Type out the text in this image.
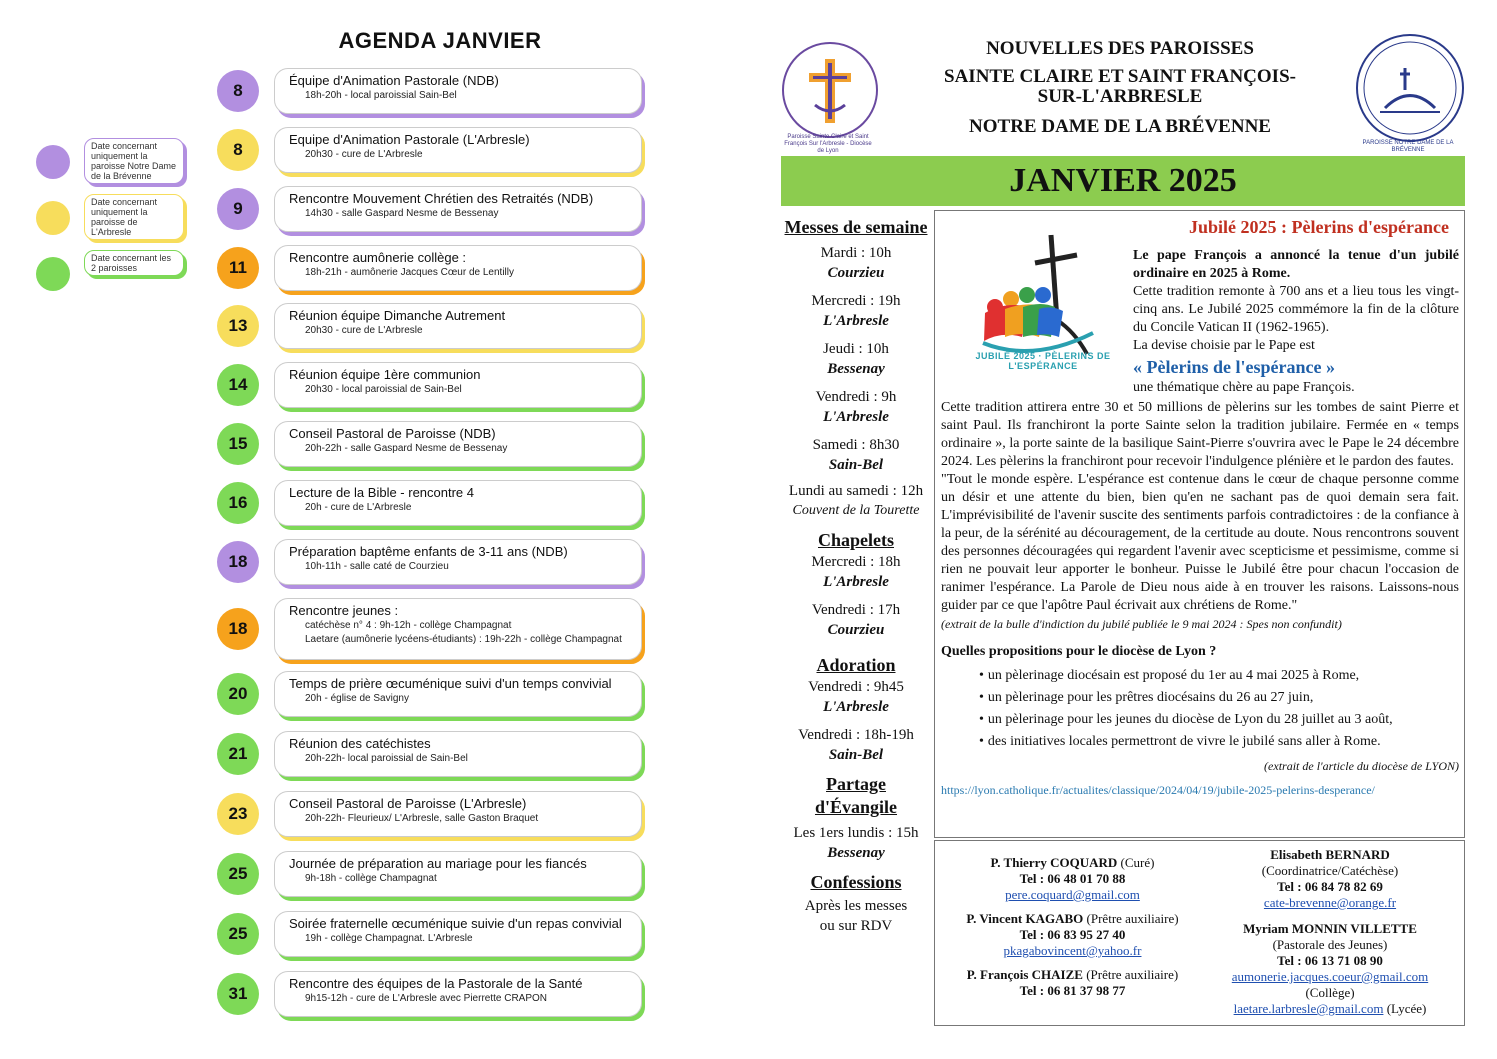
AGENDA JANVIER
Date concernant uniquement la paroisse Notre Dame de la Brévenne
Date concernant uniquement la paroisse de L'Arbresle
Date concernant les 2 paroisses
8
Équipe d'Animation Pastorale (NDB)
18h-20h - local paroissial Sain-Bel
8
Equipe d'Animation Pastorale (L'Arbresle)
20h30 - cure de L'Arbresle
9
Rencontre Mouvement Chrétien des Retraités (NDB)
14h30 - salle Gaspard Nesme de Bessenay
11
Rencontre aumônerie collège :
18h-21h - aumônerie Jacques Cœur de Lentilly
13
Réunion équipe Dimanche Autrement
20h30 - cure de L'Arbresle
14
Réunion équipe 1ère communion
20h30 - local paroissial de Sain-Bel
15
Conseil Pastoral de Paroisse (NDB)
20h-22h - salle Gaspard Nesme de Bessenay
16
Lecture de la Bible - rencontre 4
20h - cure de L'Arbresle
18
Préparation baptême enfants de 3-11 ans (NDB)
10h-11h - salle caté de Courzieu
18
Rencontre jeunes :
catéchèse n° 4 : 9h-12h - collège Champagnat
Laetare (aumônerie lycéens-étudiants) : 19h-22h - collège Champagnat
20
Temps de prière œcuménique suivi d'un temps convivial
20h - église de Savigny
21
Réunion des catéchistes
20h-22h- local paroissial de Sain-Bel
23
Conseil Pastoral de Paroisse (L'Arbresle)
20h-22h- Fleurieux/ L'Arbresle, salle Gaston Braquet
25
Journée de préparation au mariage pour les fiancés
9h-18h - collège Champagnat
25
Soirée fraternelle œcuménique suivie d'un repas convivial
19h - collège Champagnat. L'Arbresle
31
Rencontre des équipes de la Pastorale de la Santé
9h15-12h - cure de L'Arbresle avec Pierrette CRAPON
Paroisse Sainte Claire et Saint François Sur l'Arbresle - Diocèse de Lyon
NOUVELLES DES PAROISSES
SAINTE CLAIRE ET SAINT FRANÇOIS-
SUR-L'ARBRESLE
NOTRE DAME DE LA BRÉVENNE
PAROISSE NOTRE DAME DE LA BRÉVENNE
JANVIER 2025
Messes de semaine
Mardi : 10h
Courzieu
Mercredi : 19h
L'Arbresle
Jeudi : 10h
Bessenay
Vendredi : 9h
L'Arbresle
Samedi : 8h30
Sain-Bel
Lundi au samedi : 12h
Couvent de la Tourette
Chapelets
Mercredi : 18h
L'Arbresle
Vendredi : 17h
Courzieu
Adoration
Vendredi : 9h45
L'Arbresle
Vendredi : 18h-19h
Sain-Bel
Partage d'Évangile
Les 1ers lundis : 15h
Bessenay
Confessions
Après les messes ou sur RDV
JUBILÉ 2025 · PÈLERINS DE L'ESPÉRANCE
Jubilé 2025 : Pèlerins d'espérance
Le pape François a annoncé la tenue d'un jubilé ordinaire en 2025 à Rome.
Cette tradition remonte à 700 ans et a lieu tous les vingt-cinq ans. Le Jubilé 2025 commémore la fin de la clôture du Concile Vatican II (1962-1965).
La devise choisie par le Pape est
« Pèlerins de l'espérance »
une thématique chère au pape François.
Cette tradition attirera entre 30 et 50 millions de pèlerins sur les tombes de saint Pierre et saint Paul. Ils franchiront la porte Sainte selon la tradition jubilaire. Fermée en « temps ordinaire », la porte sainte de la basilique Saint-Pierre s'ouvrira avec le Pape le 24 décembre 2024. Les pèlerins la franchiront pour recevoir l'indulgence plénière et le pardon des fautes.
"Tout le monde espère. L'espérance est contenue dans le cœur de chaque personne comme un désir et une attente du bien, bien qu'en ne sachant pas de quoi demain sera fait. L'imprévisibilité de l'avenir suscite des sentiments parfois contradictoires : de la confiance à la peur, de la sérénité au découragement, de la certitude au doute. Nous rencontrons souvent des personnes découragées qui regardent l'avenir avec scepticisme et pessimisme, comme si rien ne pouvait leur apporter le bonheur. Puisse le Jubilé être pour chacun l'occasion de ranimer l'espérance. La Parole de Dieu nous aide à en trouver les raisons. Laissons-nous guider par ce que l'apôtre Paul écrivait aux chrétiens de Rome."
(extrait de la bulle d'indiction du jubilé publiée le 9 mai 2024 : Spes non confundit)
Quelles propositions pour le diocèse de Lyon ?
• un pèlerinage diocésain est proposé du 1er au 4 mai 2025 à Rome,
• un pèlerinage pour les prêtres diocésains du 26 au 27 juin,
• un pèlerinage pour les jeunes du diocèse de Lyon du 28 juillet au 3 août,
• des initiatives locales permettront de vivre le jubilé sans aller à Rome.
(extrait de l'article du diocèse de LYON)
https://lyon.catholique.fr/actualites/classique/2024/04/19/jubile-2025-pelerins-desperance/
P. Thierry COQUARD (Curé)
Tel : 06 48 01 70 88
pere.coquard@gmail.com
P. Vincent KAGABO (Prêtre auxiliaire)
Tel : 06 83 95 27 40
pkagabovincent@yahoo.fr
P. François CHAIZE (Prêtre auxiliaire)
Tel : 06 81 37 98 77
Elisabeth BERNARD
(Coordinatrice/Catéchèse)
Tel : 06 84 78 82 69
cate-brevenne@orange.fr
Myriam MONNIN VILLETTE
(Pastorale des Jeunes)
Tel : 06 13 71 08 90
aumonerie.jacques.coeur@gmail.com
(Collège)
laetare.larbresle@gmail.com (Lycée)
